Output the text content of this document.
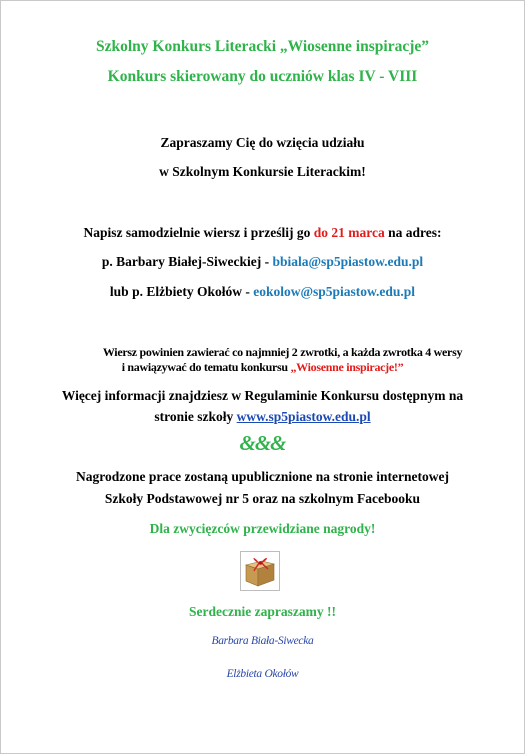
Szkolny Konkurs Literacki „Wiosenne inspiracje”
Konkurs skierowany do uczniów klas IV - VIII
Zapraszamy Cię do wzięcia udziału
w Szkolnym Konkursie Literackim!
Napisz samodzielnie wiersz i prześlij go do 21 marca na adres:
p. Barbary Białej-Siweckiej - bbiala@sp5piastow.edu.pl
lub p. Elżbiety Okołów - eokolow@sp5piastow.edu.pl
Wiersz powinien zawierać co najmniej 2 zwrotki, a każda zwrotka 4 wersy
i nawiązywać do tematu konkursu „Wiosenne inspiracje!”
Więcej informacji znajdziesz w Regulaminie Konkursu dostępnym na
stronie szkoły www.sp5piastow.edu.pl
&&&
Nagrodzone prace zostaną upublicznione na stronie internetowej
Szkoły Podstawowej nr 5 oraz na szkolnym Facebooku
Dla zwycięzców przewidziane nagrody!
Serdecznie zapraszamy !!
Barbara Biała-Siwecka
Elżbieta Okołów
